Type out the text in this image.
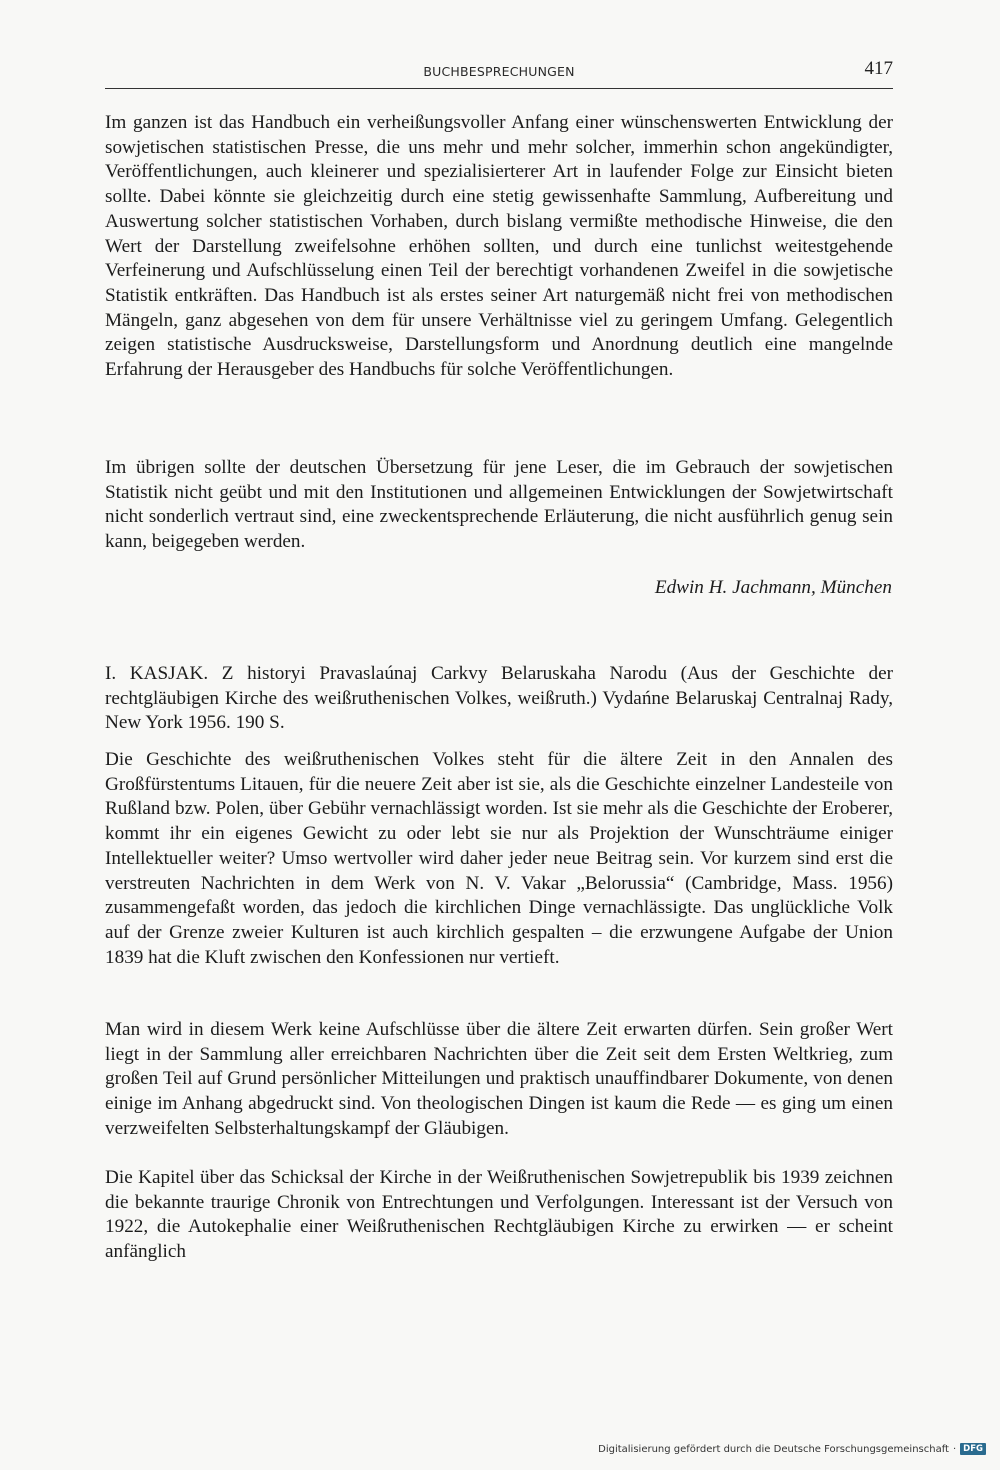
BUCHBESPRECHUNGEN	417

Im ganzen ist das Handbuch ein verheißungsvoller Anfang einer wünschenswerten Entwicklung der sowjetischen statistischen Presse, die uns mehr und mehr solcher, immerhin schon angekündigter, Veröffentlichungen, auch kleinerer und spezialisierterer Art in laufender Folge zur Einsicht bieten sollte. Dabei könnte sie gleichzeitig durch eine stetig gewissenhafte Sammlung, Aufbereitung und Auswertung solcher statistischen Vorhaben, durch bislang vermißte methodische Hinweise, die den Wert der Darstellung zweifelsohne erhöhen sollten, und durch eine tunlichst weitestgehende Verfeinerung und Aufschlüsselung einen Teil der berechtigt vorhandenen Zweifel in die sowjetische Statistik entkräften. Das Handbuch ist als erstes seiner Art naturgemäß nicht frei von methodischen Mängeln, ganz abgesehen von dem für unsere Verhältnisse viel zu geringem Umfang. Gelegentlich zeigen statistische Ausdrucksweise, Darstellungsform und Anordnung deutlich eine mangelnde Erfahrung der Herausgeber des Handbuchs für solche Veröffentlichungen.

Im übrigen sollte der deutschen Übersetzung für jene Leser, die im Gebrauch der sowjetischen Statistik nicht geübt und mit den Institutionen und allgemeinen Entwicklungen der Sowjetwirtschaft nicht sonderlich vertraut sind, eine zweckentsprechende Erläuterung, die nicht ausführlich genug sein kann, beigegeben werden.

Edwin H. Jachmann, München

I. KASJAK. Z historyi Pravaslaúnaj Carkvy Belaruskaha Narodu (Aus der Geschichte der rechtgläubigen Kirche des weißruthenischen Volkes, weißruth.) Vydańne Belaruskaj Centralnaj Rady, New York 1956. 190 S.

Die Geschichte des weißruthenischen Volkes steht für die ältere Zeit in den Annalen des Großfürstentums Litauen, für die neuere Zeit aber ist sie, als die Geschichte einzelner Landesteile von Rußland bzw. Polen, über Gebühr vernachlässigt worden. Ist sie mehr als die Geschichte der Eroberer, kommt ihr ein eigenes Gewicht zu oder lebt sie nur als Projektion der Wunschträume einiger Intellektueller weiter? Umso wertvoller wird daher jeder neue Beitrag sein. Vor kurzem sind erst die verstreuten Nachrichten in dem Werk von N. V. Vakar „Belorussia“ (Cambridge, Mass. 1956) zusammengefaßt worden, das jedoch die kirchlichen Dinge vernachlässigte. Das unglückliche Volk auf der Grenze zweier Kulturen ist auch kirchlich gespalten – die erzwungene Aufgabe der Union 1839 hat die Kluft zwischen den Konfessionen nur vertieft.

Man wird in diesem Werk keine Aufschlüsse über die ältere Zeit erwarten dürfen. Sein großer Wert liegt in der Sammlung aller erreichbaren Nachrichten über die Zeit seit dem Ersten Weltkrieg, zum großen Teil auf Grund persönlicher Mitteilungen und praktisch unauffindbarer Dokumente, von denen einige im Anhang abgedruckt sind. Von theologischen Dingen ist kaum die Rede — es ging um einen verzweifelten Selbsterhaltungskampf der Gläubigen.

Die Kapitel über das Schicksal der Kirche in der Weißruthenischen Sowjetrepublik bis 1939 zeichnen die bekannte traurige Chronik von Entrechtungen und Verfolgungen. Interessant ist der Versuch von 1922, die Autokephalie einer Weißruthenischen Rechtgläubigen Kirche zu erwirken — er scheint anfänglich

Digitalisierung gefördert durch die Deutsche Forschungsgemeinschaft · DFG
